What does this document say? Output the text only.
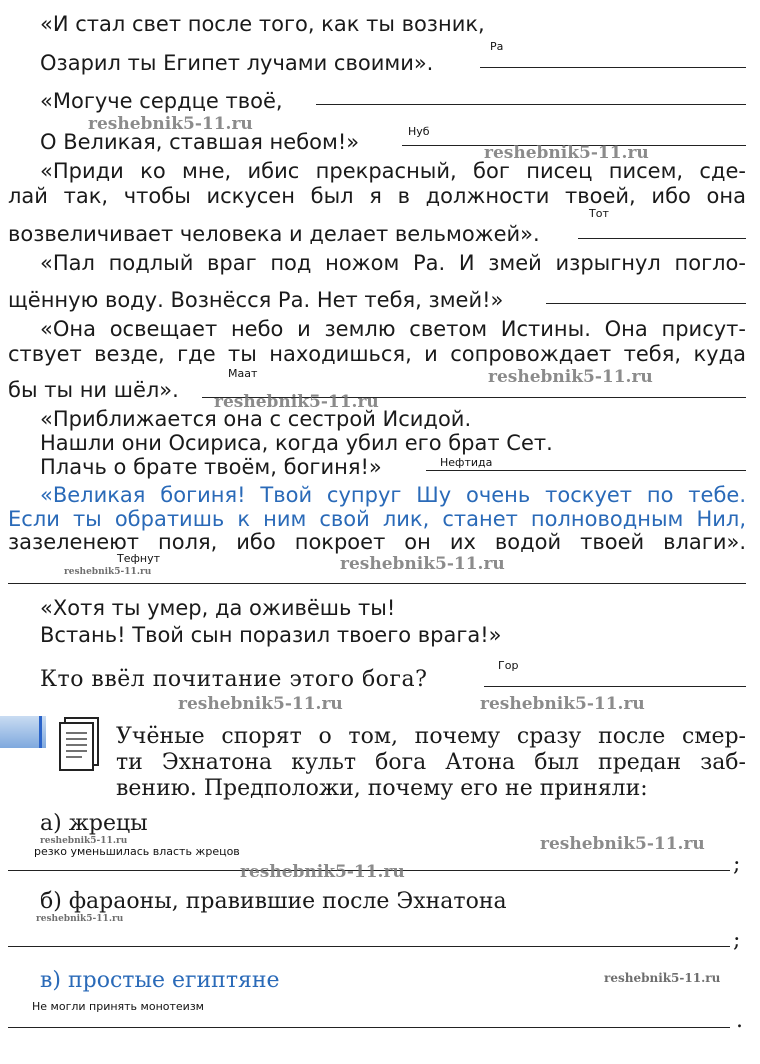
«И стал свет после того, как ты возник,
Озарил ты Египет лучами своими».
Ра
«Могуче сердце твоё,
О Великая, ставшая небом!»	Нуб
«Приди ко мне, ибис прекрасный, бог писец писем, сде-
лай так, чтобы искусен был я в должности твоей, ибо она
возвеличивает человека и делает вельможей».
Тот
«Пал подлый враг под ножом Ра. И змей изрыгнул погло-
щённую воду. Вознёсся Ра. Нет тебя, змей!»
«Она освещает небо и землю светом Истины. Она присут-
ствует везде, где ты находишься, и сопровождает тебя, куда
бы ты ни шёл».
Маат
«Приближается она с сестрой Исидой.
Нашли они Осириса, когда убил его брат Сет.
Плачь о брате твоём, богиня!»	Нефтида
«Великая богиня! Твой супруг Шу очень тоскует по тебе.
Если ты обратишь к ним свой лик, станет полноводным Нил,
зазеленеют поля, ибо покроет он их водой твоей влаги».
Тефнут
«Хотя ты умер, да оживёшь ты!
Встань! Твой сын поразил твоего врага!»
Кто ввёл почитание этого бога?
Гор
Учёные спорят о том, почему сразу после смер-
ти Эхнатона культ бога Атона был предан заб-
вению. Предположи, почему его не приняли:
а) жрецы
резко уменьшилась власть жрецов
;
б) фараоны, правившие после Эхнатона
;
в) простые египтяне
Не могли принять монотеизм
.
reshebnik5-11.ru
reshebnik5-11.ru
reshebnik5-11.ru
reshebnik5-11.ru
reshebnik5-11.ru	reshebnik5-11.ru
reshebnik5-11.ru	reshebnik5-11.ru
reshebnik5-11.ru	reshebnik5-11.ru
reshebnik5-11.ru
reshebnik5-11.ru
reshebnik5-11.ru
